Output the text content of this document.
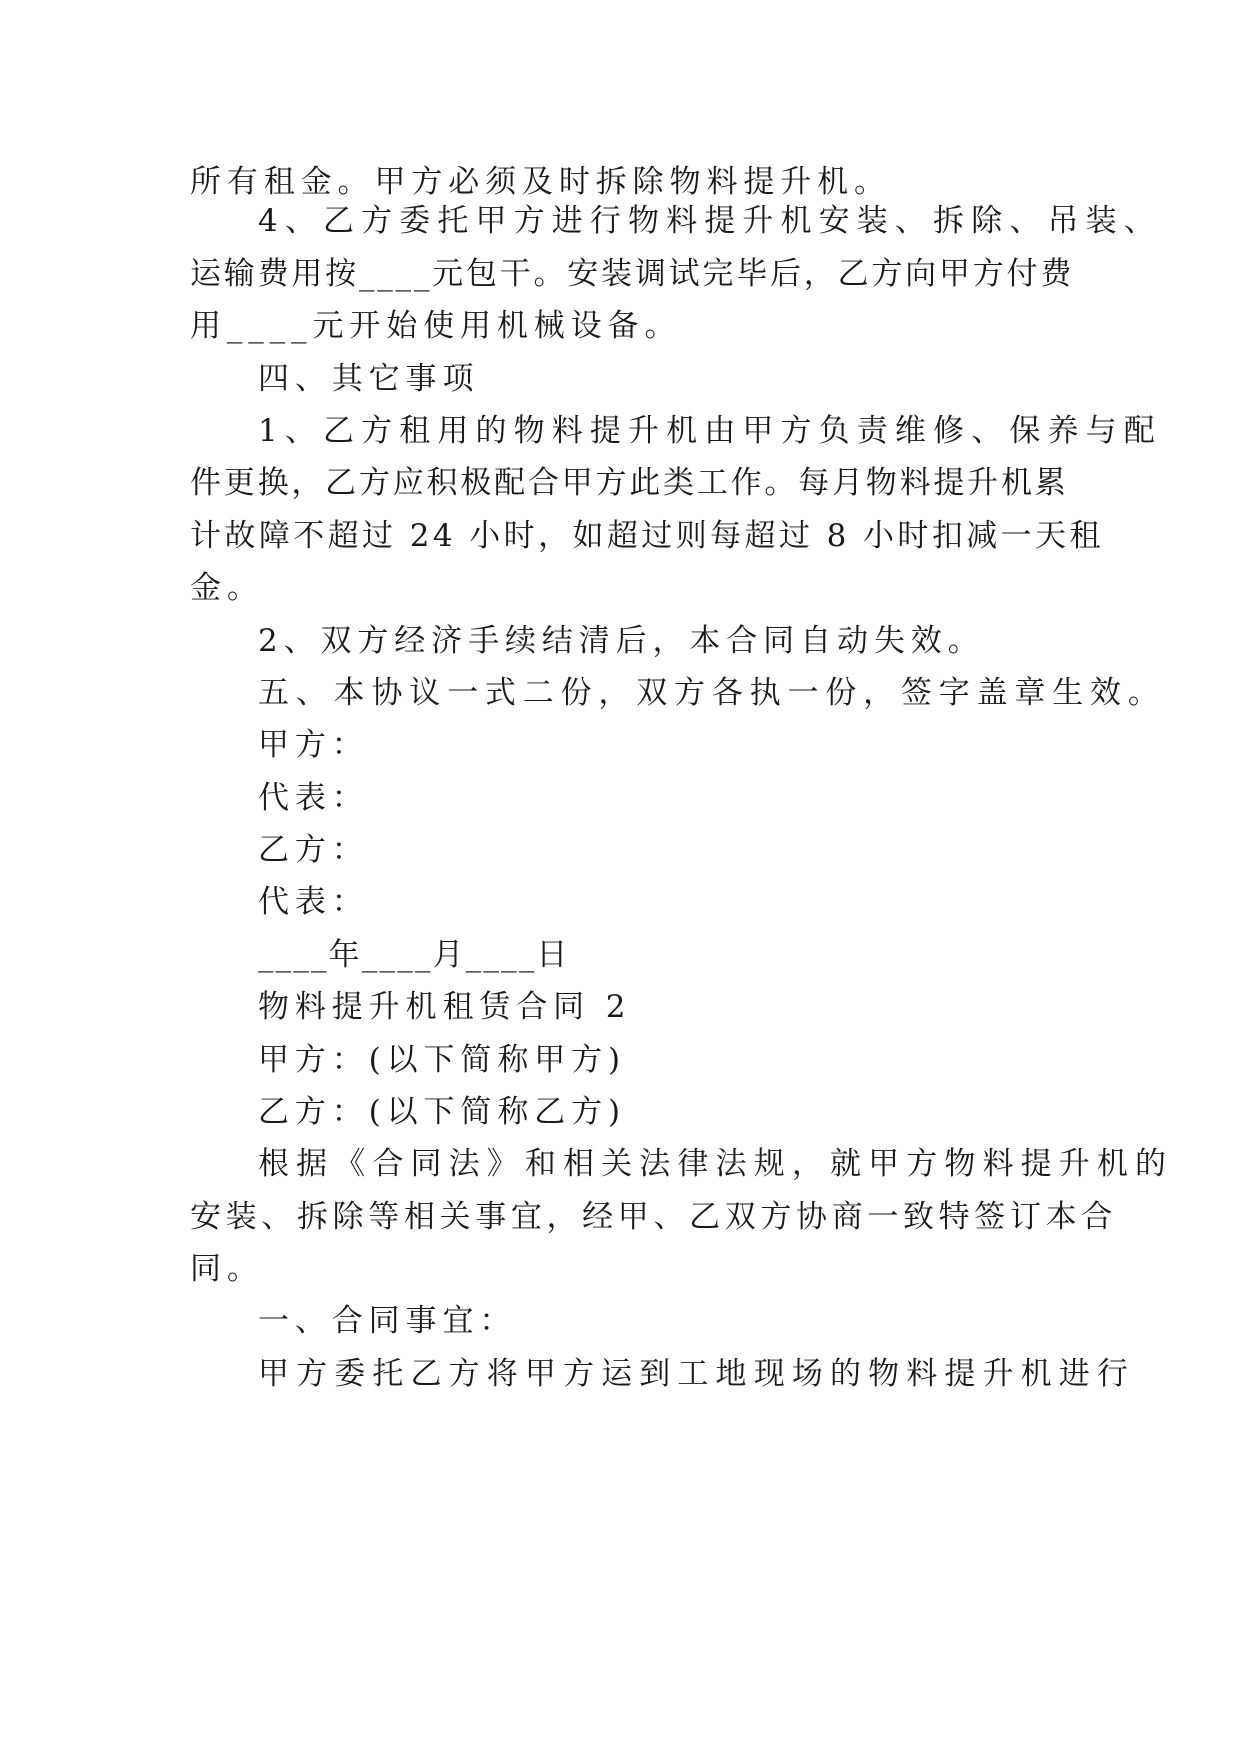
所有租金。甲方必须及时拆除物料提升机。

4、乙方委托甲方进行物料提升机安装、拆除、吊装、

运输费用按____元包干。安装调试完毕后，乙方向甲方付费

用____元开始使用机械设备。

四、其它事项

1、乙方租用的物料提升机由甲方负责维修、保养与配

件更换，乙方应积极配合甲方此类工作。每月物料提升机累

计故障不超过 24 小时，如超过则每超过 8 小时扣减一天租

金。

2、双方经济手续结清后，本合同自动失效。

五、本协议一式二份，双方各执一份，签字盖章生效。

甲方：

代表：

乙方：

代表：

____年____月____日

物料提升机租赁合同 2

甲方：(以下简称甲方)

乙方：(以下简称乙方)

根据《合同法》和相关法律法规，就甲方物料提升机的

安装、拆除等相关事宜，经甲、乙双方协商一致特签订本合

同。

一、合同事宜：

甲方委托乙方将甲方运到工地现场的物料提升机进行
